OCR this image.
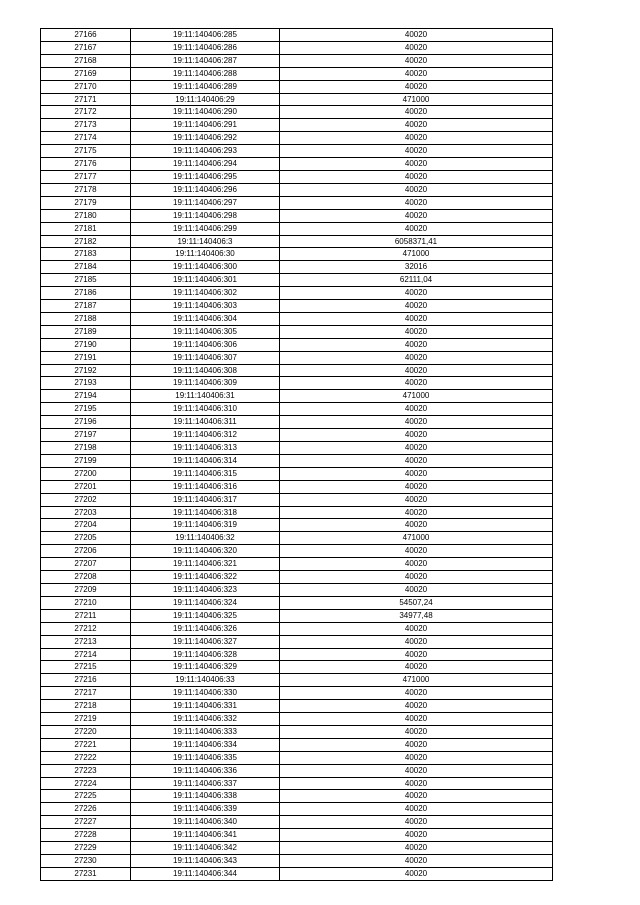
27166	19:11:140406:285	40020
27167	19:11:140406:286	40020
27168	19:11:140406:287	40020
27169	19:11:140406:288	40020
27170	19:11:140406:289	40020
27171	19:11:140406:29	471000
27172	19:11:140406:290	40020
27173	19:11:140406:291	40020
27174	19:11:140406:292	40020
27175	19:11:140406:293	40020
27176	19:11:140406:294	40020
27177	19:11:140406:295	40020
27178	19:11:140406:296	40020
27179	19:11:140406:297	40020
27180	19:11:140406:298	40020
27181	19:11:140406:299	40020
27182	19:11:140406:3	6058371,41
27183	19:11:140406:30	471000
27184	19:11:140406:300	32016
27185	19:11:140406:301	62111,04
27186	19:11:140406:302	40020
27187	19:11:140406:303	40020
27188	19:11:140406:304	40020
27189	19:11:140406:305	40020
27190	19:11:140406:306	40020
27191	19:11:140406:307	40020
27192	19:11:140406:308	40020
27193	19:11:140406:309	40020
27194	19:11:140406:31	471000
27195	19:11:140406:310	40020
27196	19:11:140406:311	40020
27197	19:11:140406:312	40020
27198	19:11:140406:313	40020
27199	19:11:140406:314	40020
27200	19:11:140406:315	40020
27201	19:11:140406:316	40020
27202	19:11:140406:317	40020
27203	19:11:140406:318	40020
27204	19:11:140406:319	40020
27205	19:11:140406:32	471000
27206	19:11:140406:320	40020
27207	19:11:140406:321	40020
27208	19:11:140406:322	40020
27209	19:11:140406:323	40020
27210	19:11:140406:324	54507,24
27211	19:11:140406:325	34977,48
27212	19:11:140406:326	40020
27213	19:11:140406:327	40020
27214	19:11:140406:328	40020
27215	19:11:140406:329	40020
27216	19:11:140406:33	471000
27217	19:11:140406:330	40020
27218	19:11:140406:331	40020
27219	19:11:140406:332	40020
27220	19:11:140406:333	40020
27221	19:11:140406:334	40020
27222	19:11:140406:335	40020
27223	19:11:140406:336	40020
27224	19:11:140406:337	40020
27225	19:11:140406:338	40020
27226	19:11:140406:339	40020
27227	19:11:140406:340	40020
27228	19:11:140406:341	40020
27229	19:11:140406:342	40020
27230	19:11:140406:343	40020
27231	19:11:140406:344	40020
